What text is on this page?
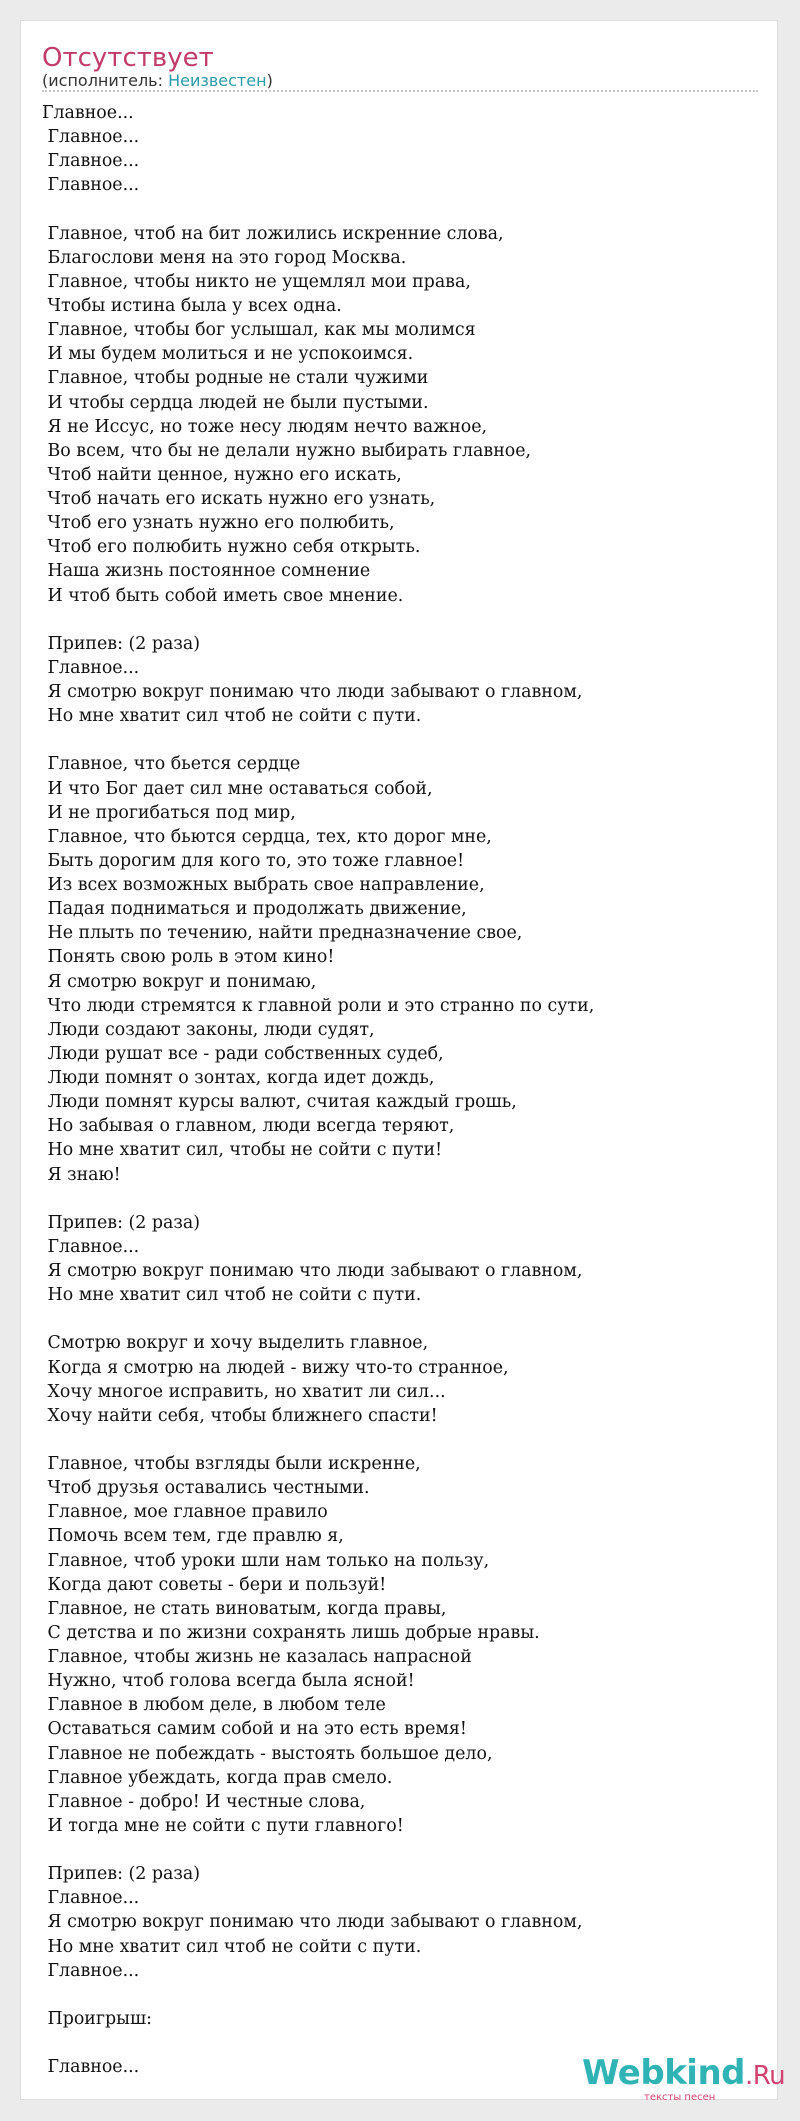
Отсутствует
(исполнитель: Неизвестен)
Главное...
Главное...
Главное...
Главное...

Главное, чтоб на бит ложились искренние слова,
Благослови меня на это город Москва.
Главное, чтобы никто не ущемлял мои права,
Чтобы истина была у всех одна.
Главное, чтобы бог услышал, как мы молимся
И мы будем молиться и не успокоимся.
Главное, чтобы родные не стали чужими
И чтобы сердца людей не были пустыми.
Я не Иссус, но тоже несу людям нечто важное,
Во всем, что бы не делали нужно выбирать главное,
Чтоб найти ценное, нужно его искать,
Чтоб начать его искать нужно его узнать,
Чтоб его узнать нужно его полюбить,
Чтоб его полюбить нужно себя открыть.
Наша жизнь постоянное сомнение
И чтоб быть собой иметь свое мнение.

Припев: (2 раза)
Главное...
Я смотрю вокруг понимаю что люди забывают о главном,
Но мне хватит сил чтоб не сойти с пути.

Главное, что бьется сердце
И что Бог дает сил мне оставаться собой,
И не прогибаться под мир,
Главное, что бьются сердца, тех, кто дорог мне,
Быть дорогим для кого то, это тоже главное!
Из всех возможных выбрать свое направление,
Падая подниматься и продолжать движение,
Не плыть по течению, найти предназначение свое,
Понять свою роль в этом кино!
Я смотрю вокруг и понимаю,
Что люди стремятся к главной роли и это странно по сути,
Люди создают законы, люди судят,
Люди рушат все - ради собственных судеб,
Люди помнят о зонтах, когда идет дождь,
Люди помнят курсы валют, считая каждый грошь,
Но забывая о главном, люди всегда теряют,
Но мне хватит сил, чтобы не сойти с пути!
Я знаю!

Припев: (2 раза)
Главное...
Я смотрю вокруг понимаю что люди забывают о главном,
Но мне хватит сил чтоб не сойти с пути.

Смотрю вокруг и хочу выделить главное,
Когда я смотрю на людей - вижу что-то странное,
Хочу многое исправить, но хватит ли сил...
Хочу найти себя, чтобы ближнего спасти!

Главное, чтобы взгляды были искренне,
Чтоб друзья оставались честными.
Главное, мое главное правило
Помочь всем тем, где правлю я,
Главное, чтоб уроки шли нам только на пользу,
Когда дают советы - бери и пользуй!
Главное, не стать виноватым, когда правы,
С детства и по жизни сохранять лишь добрые нравы.
Главное, чтобы жизнь не казалась напрасной
Нужно, чтоб голова всегда была ясной!
Главное в любом деле, в любом теле
Оставаться самим собой и на это есть время!
Главное не побеждать - выстоять большое дело,
Главное убеждать, когда прав смело.
Главное - добро! И честные слова,
И тогда мне не сойти с пути главного!

Припев: (2 раза)
Главное...
Я смотрю вокруг понимаю что люди забывают о главном,
Но мне хватит сил чтоб не сойти с пути.
Главное...

Проигрыш:

Главное...	Webkind.Ru
тексты песен
